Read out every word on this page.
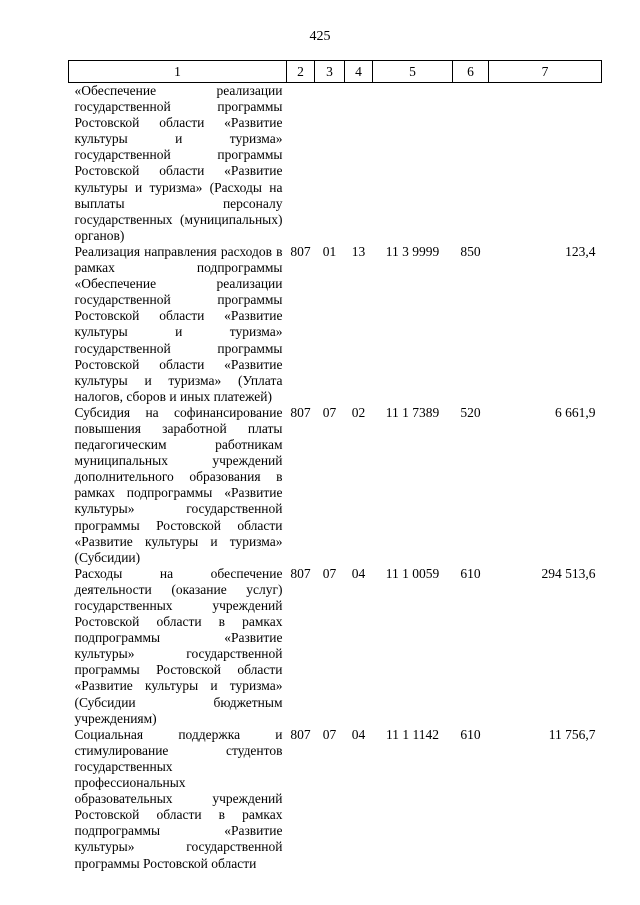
425
1	2	3	4	5	6	7
«Обеспечение реализации государственной программы Ростовской области «Развитие культуры и туризма» государственной программы Ростовской области «Развитие культуры и туризма» (Расходы на выплаты персоналу государственных (муниципальных) органов)						
Реализация направления расходов в рамках подпрограммы «Обеспечение реализации государственной программы Ростовской области «Развитие культуры и туризма» государственной программы Ростовской области «Развитие культуры и туризма» (Уплата налогов, сборов и иных платежей)	807	01	13	11 3 9999	850	123,4
Субсидия на софинансирование повышения заработной платы педагогическим работникам муниципальных учреждений дополнительного образования в рамках подпрограммы «Развитие культуры» государственной программы Ростовской области «Развитие культуры и туризма» (Субсидии)	807	07	02	11 1 7389	520	6 661,9
Расходы на обеспечение деятельности (оказание услуг) государственных учреждений Ростовской области в рамках подпрограммы «Развитие культуры» государственной программы Ростовской области «Развитие культуры и туризма» (Субсидии бюджетным учреждениям)	807	07	04	11 1 0059	610	294 513,6
Социальная поддержка и стимулирование студентов государственных профессиональных образовательных учреждений Ростовской области в рамках подпрограммы «Развитие культуры» государственной программы Ростовской области	807	07	04	11 1 1142	610	11 756,7
